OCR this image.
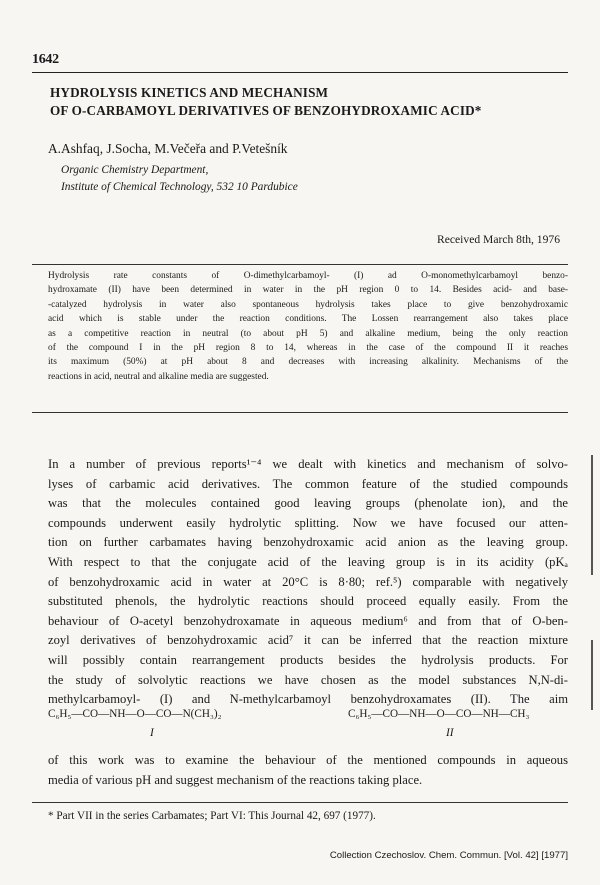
1642
HYDROLYSIS KINETICS AND MECHANISM
OF O-CARBAMOYL DERIVATIVES OF BENZOHYDROXAMIC ACID*
A.Ashfaq, J.Socha, M.Večeřa and P.Vetešník
Organic Chemistry Department,
Institute of Chemical Technology, 532 10 Pardubice
Received March 8th, 1976
Hydrolysis rate constants of O-dimethylcarbamoyl- (I) ad O-monomethylcarbamoyl benzo-
hydroxamate (II) have been determined in water in the pH region 0 to 14. Besides acid- and base-
-catalyzed hydrolysis in water also spontaneous hydrolysis takes place to give benzohydroxamic
acid which is stable under the reaction conditions. The Lossen rearrangement also takes place
as a competitive reaction in neutral (to about pH 5) and alkaline medium, being the only reaction
of the compound I in the pH region 8 to 14, whereas in the case of the compound II it reaches
its maximum (50%) at pH about 8 and decreases with increasing alkalinity. Mechanisms of the
reactions in acid, neutral and alkaline media are suggested.
In a number of previous reports¹⁻⁴ we dealt with kinetics and mechanism of solvo-
lyses of carbamic acid derivatives. The common feature of the studied compounds
was that the molecules contained good leaving groups (phenolate ion), and the
compounds underwent easily hydrolytic splitting. Now we have focused our atten-
tion on further carbamates having benzohydroxamic acid anion as the leaving group.
With respect to that the conjugate acid of the leaving group is in its acidity (pKₐ
of benzohydroxamic acid in water at 20°C is 8·80; ref.⁵) comparable with negatively
substituted phenols, the hydrolytic reactions should proceed equally easily. From the
behaviour of O-acetyl benzohydroxamate in aqueous medium⁶ and from that of O-ben-
zoyl derivatives of benzohydroxamic acid⁷ it can be inferred that the reaction mixture
will possibly contain rearrangement products besides the hydrolysis products. For
the study of solvolytic reactions we have chosen as the model substances N,N-di-
methylcarbamoyl- (I) and N-methylcarbamoyl benzohydroxamates (II). The aim
C₆H₅—CO—NH—O—CO—N(CH₃)₂
I
C₆H₅—CO—NH—O—CO—NH—CH₃
II
of this work was to examine the behaviour of the mentioned compounds in aqueous
media of various pH and suggest mechanism of the reactions taking place.
* Part VII in the series Carbamates; Part VI: This Journal 42, 697 (1977).
Collection Czechoslov. Chem. Commun. [Vol. 42] [1977]
